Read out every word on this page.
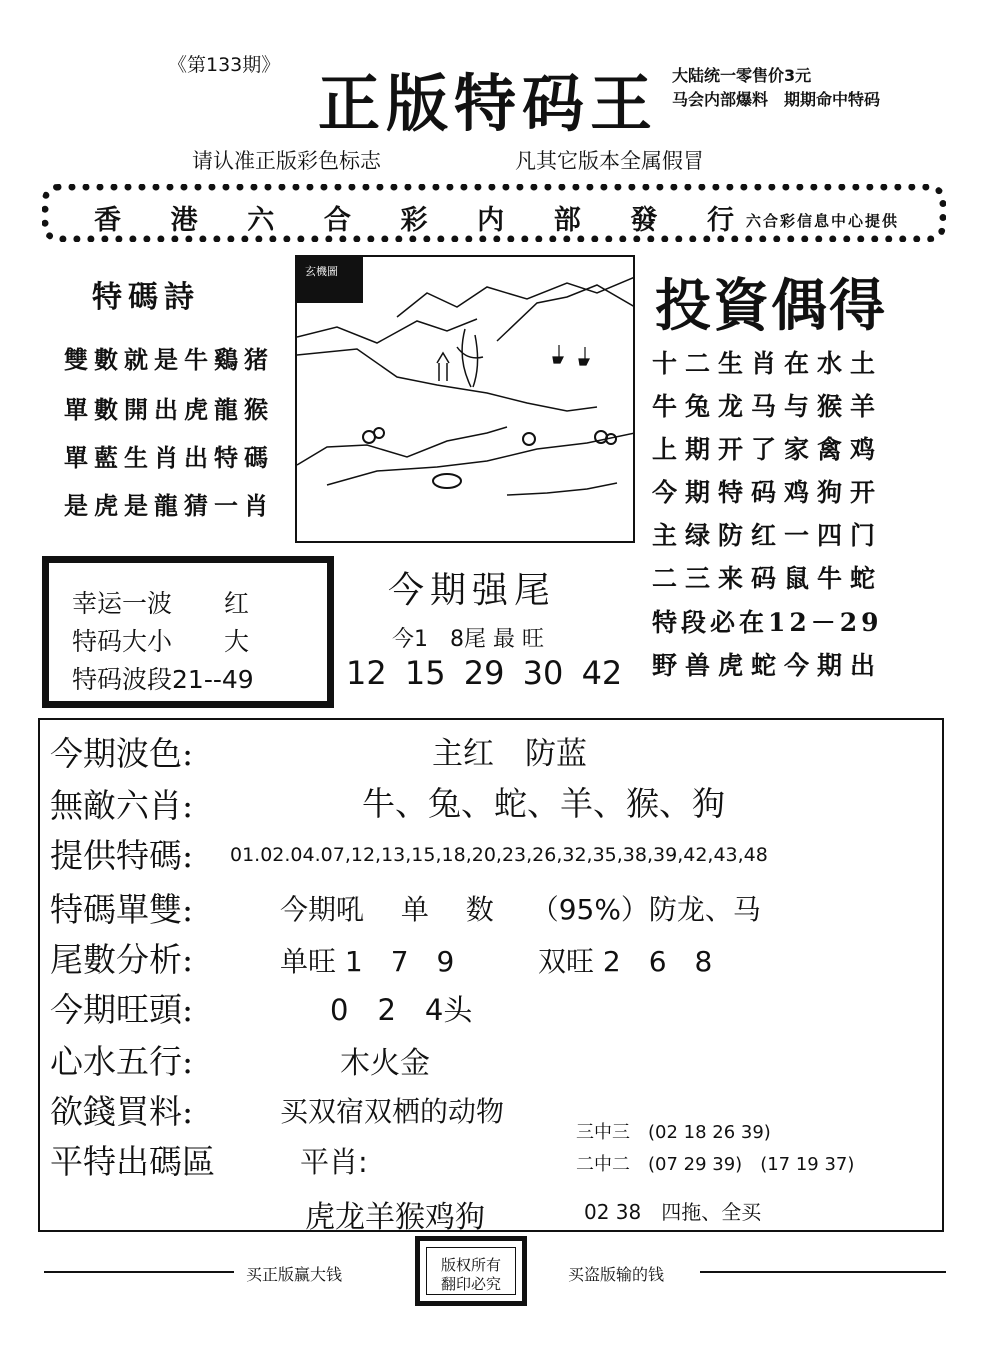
《第133期》
正版特码王 大陆统一零售价3元
马会内部爆料　期期命中特码
请认准正版彩色标志	凡其它版本全属假冒
香 港 六 合 彩 内 部 發 行 六合彩信息中心提供
特碼詩
雙數就是牛鷄猪
單數開出虎龍猴
單藍生肖出特碼
是虎是龍猜一肖
玄機圖
投資偶得
十二生肖在水土
牛兔龙马与猴羊
上期开了家禽鸡
今期特码鸡狗开
主绿防红一四门
二三来码鼠牛蛇
特段必在12－29
野兽虎蛇今期出
幸运一波 红
特码大小 大
特码波段21--49
今期强尾
今1　8尾 最 旺
12 15 29 30 42
今期波色:	主红　防蓝
無敵六肖:	牛、兔、蛇、羊、猴、狗
提供特碼: 01.02.04.07,12,13,15,18,20,23,26,32,35,38,39,42,43,48
特碼單雙:	今期吼　 单　 数　 （95%）防龙、马
尾數分析:	单旺 1　7　9	双旺 2　6　8
今期旺頭:	0　2　4头
心水五行:	木火金
欲錢買料:	买双宿双栖的动物
平特出碼區	平肖:
三中三　(02 18 26 39)
二中二　(07 29 39)　(17 19 37)
虎龙羊猴鸡狗	02 38　四拖、全买
买正版赢大钱	版权所有
翻印必究	买盗版输的钱
